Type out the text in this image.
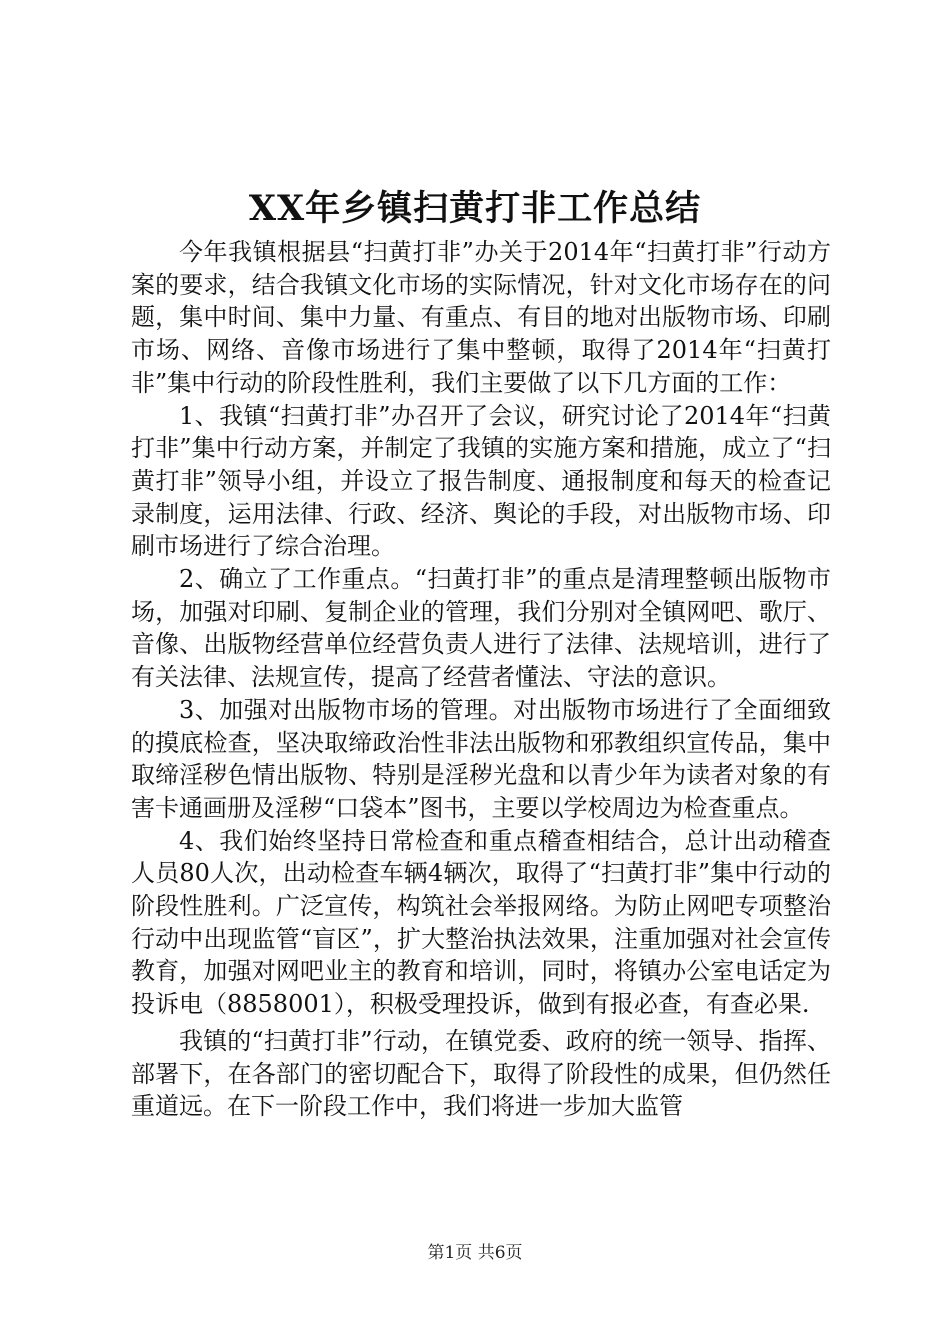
XX年乡镇扫黄打非工作总结

今年我镇根据县“扫黄打非”办关于2014年“扫黄打非”行动方案的要求，结合我镇文化市场的实际情况，针对文化市场存在的问题，集中时间、集中力量、有重点、有目的地对出版物市场、印刷市场、网络、音像市场进行了集中整顿，取得了2014年“扫黄打非”集中行动的阶段性胜利，我们主要做了以下几方面的工作：

1、我镇“扫黄打非”办召开了会议，研究讨论了2014年“扫黄打非”集中行动方案，并制定了我镇的实施方案和措施，成立了“扫黄打非”领导小组，并设立了报告制度、通报制度和每天的检查记录制度，运用法律、行政、经济、舆论的手段，对出版物市场、印刷市场进行了综合治理。

2、确立了工作重点。“扫黄打非”的重点是清理整顿出版物市场，加强对印刷、复制企业的管理，我们分别对全镇网吧、歌厅、音像、出版物经营单位经营负责人进行了法律、法规培训，进行了有关法律、法规宣传，提高了经营者懂法、守法的意识。

3、加强对出版物市场的管理。对出版物市场进行了全面细致的摸底检查，坚决取缔政治性非法出版物和邪教组织宣传品，集中取缔淫秽色情出版物、特别是淫秽光盘和以青少年为读者对象的有害卡通画册及淫秽“口袋本”图书，主要以学校周边为检查重点。

4、我们始终坚持日常检查和重点稽查相结合，总计出动稽查人员80人次，出动检查车辆4辆次，取得了“扫黄打非”集中行动的阶段性胜利。广泛宣传，构筑社会举报网络。为防止网吧专项整治行动中出现监管“盲区”，扩大整治执法效果，注重加强对社会宣传教育，加强对网吧业主的教育和培训，同时，将镇办公室电话定为投诉电（8858001），积极受理投诉，做到有报必查，有查必果.

我镇的“扫黄打非”行动，在镇党委、政府的统一领导、指挥、部署下，在各部门的密切配合下，取得了阶段性的成果，但仍然任重道远。在下一阶段工作中，我们将进一步加大监管

第1页 共6页
